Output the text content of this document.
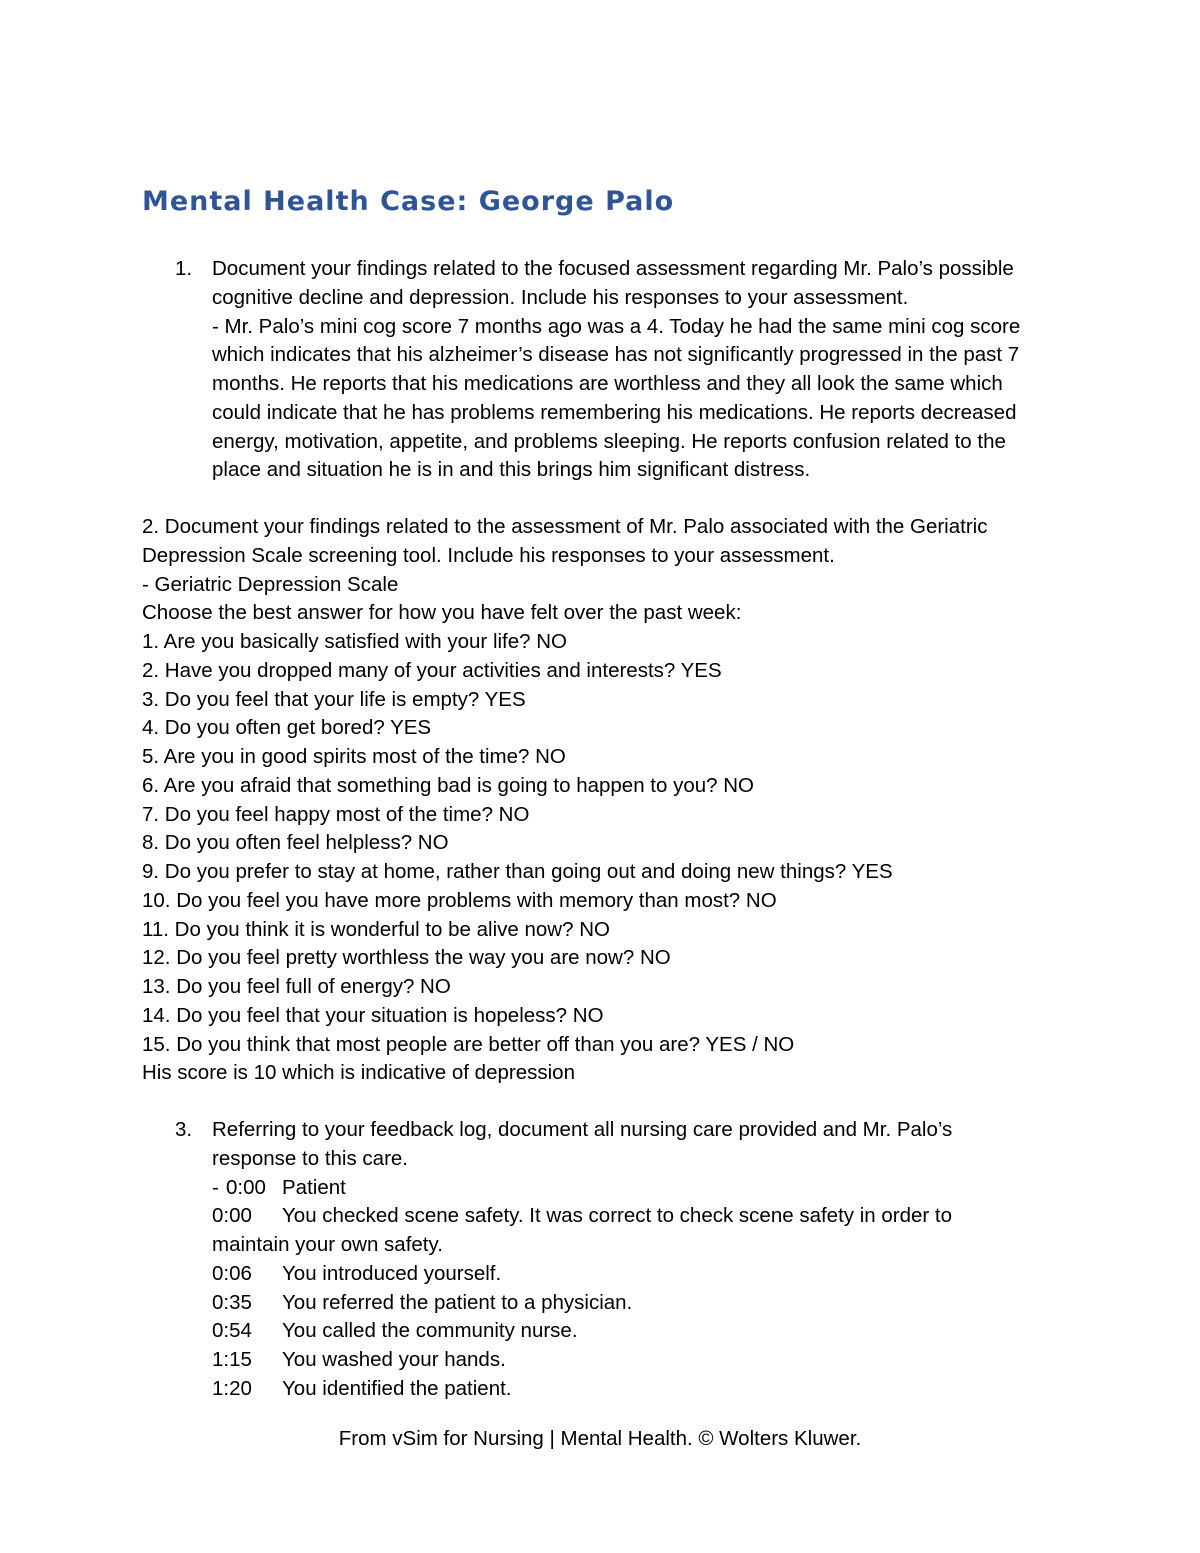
Mental Health Case: George Palo
1. Document your findings related to the focused assessment regarding Mr. Palo’s possible
cognitive decline and depression. Include his responses to your assessment.
- Mr. Palo’s mini cog score 7 months ago was a 4. Today he had the same mini cog score
which indicates that his alzheimer’s disease has not significantly progressed in the past 7
months. He reports that his medications are worthless and they all look the same which
could indicate that he has problems remembering his medications. He reports decreased
energy, motivation, appetite, and problems sleeping. He reports confusion related to the
place and situation he is in and this brings him significant distress.
2. Document your findings related to the assessment of Mr. Palo associated with the Geriatric
Depression Scale screening tool. Include his responses to your assessment.
- Geriatric Depression Scale
Choose the best answer for how you have felt over the past week:
1. Are you basically satisfied with your life? NO
2. Have you dropped many of your activities and interests? YES
3. Do you feel that your life is empty? YES
4. Do you often get bored? YES
5. Are you in good spirits most of the time? NO
6. Are you afraid that something bad is going to happen to you? NO
7. Do you feel happy most of the time? NO
8. Do you often feel helpless? NO
9. Do you prefer to stay at home, rather than going out and doing new things? YES
10. Do you feel you have more problems with memory than most? NO
11. Do you think it is wonderful to be alive now? NO
12. Do you feel pretty worthless the way you are now? NO
13. Do you feel full of energy? NO
14. Do you feel that your situation is hopeless? NO
15. Do you think that most people are better off than you are? YES / NO
His score is 10 which is indicative of depression
3. Referring to your feedback log, document all nursing care provided and Mr. Palo’s
response to this care.
- 0:00 Patient
0:00	You checked scene safety. It was correct to check scene safety in order to
maintain your own safety.
0:06	You introduced yourself.
0:35	You referred the patient to a physician.
0:54	You called the community nurse.
1:15	You washed your hands.
1:20	You identified the patient.
From vSim for Nursing | Mental Health. © Wolters Kluwer.
